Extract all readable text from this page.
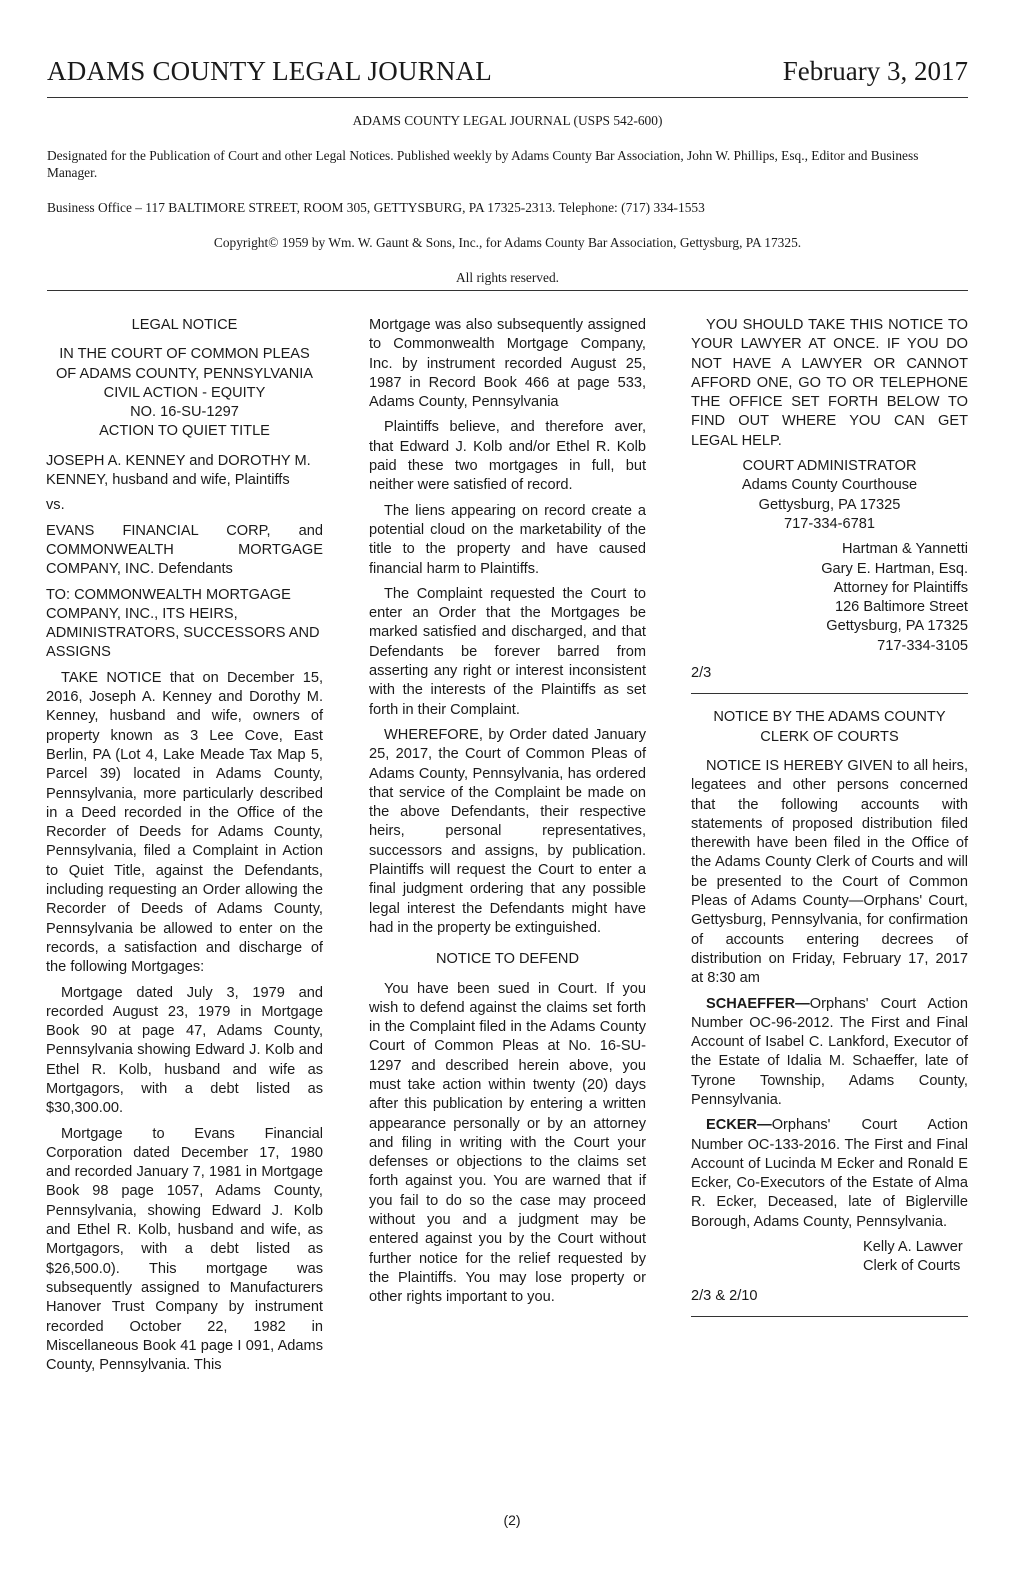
ADAMS COUNTY LEGAL JOURNAL	February 3, 2017

ADAMS COUNTY LEGAL JOURNAL (USPS 542-600)

Designated for the Publication of Court and other Legal Notices. Published weekly by Adams County Bar Association, John W. Phillips, Esq., Editor and Business Manager.

Business Office – 117 BALTIMORE STREET, ROOM 305, GETTYSBURG, PA 17325-2313. Telephone: (717) 334-1553

Copyright© 1959 by Wm. W. Gaunt & Sons, Inc., for Adams County Bar Association, Gettysburg, PA 17325.

All rights reserved.

LEGAL NOTICE

IN THE COURT OF COMMON PLEAS
OF ADAMS COUNTY, PENNSYLVANIA
CIVIL ACTION - EQUITY
NO. 16-SU-1297
ACTION TO QUIET TITLE

JOSEPH A. KENNEY and DOROTHY M. KENNEY, husband and wife, Plaintiffs

vs.

EVANS FINANCIAL CORP, and COMMONWEALTH MORTGAGE COMPANY, INC. Defendants

TO: COMMONWEALTH MORTGAGE COMPANY, INC., ITS HEIRS, ADMINISTRATORS, SUCCESSORS AND ASSIGNS

TAKE NOTICE that on December 15, 2016, Joseph A. Kenney and Dorothy M. Kenney, husband and wife, owners of property known as 3 Lee Cove, East Berlin, PA (Lot 4, Lake Meade Tax Map 5, Parcel 39) located in Adams County, Pennsylvania, more particularly described in a Deed recorded in the Office of the Recorder of Deeds for Adams County, Pennsylvania, filed a Complaint in Action to Quiet Title, against the Defendants, including requesting an Order allowing the Recorder of Deeds of Adams County, Pennsylvania be allowed to enter on the records, a satisfaction and discharge of the following Mortgages:

Mortgage dated July 3, 1979 and recorded August 23, 1979 in Mortgage Book 90 at page 47, Adams County, Pennsylvania showing Edward J. Kolb and Ethel R. Kolb, husband and wife as Mortgagors, with a debt listed as $30,300.00.

Mortgage to Evans Financial Corporation dated December 17, 1980 and recorded January 7, 1981 in Mortgage Book 98 page 1057, Adams County, Pennsylvania, showing Edward J. Kolb and Ethel R. Kolb, husband and wife, as Mortgagors, with a debt listed as $26,500.0). This mortgage was subsequently assigned to Manufacturers Hanover Trust Company by instrument recorded October 22, 1982 in Miscellaneous Book 41 page I 091, Adams County, Pennsylvania. This

Mortgage was also subsequently assigned to Commonwealth Mortgage Company, Inc. by instrument recorded August 25, 1987 in Record Book 466 at page 533, Adams County, Pennsylvania

Plaintiffs believe, and therefore aver, that Edward J. Kolb and/or Ethel R. Kolb paid these two mortgages in full, but neither were satisfied of record.

The liens appearing on record create a potential cloud on the marketability of the title to the property and have caused financial harm to Plaintiffs.

The Complaint requested the Court to enter an Order that the Mortgages be marked satisfied and discharged, and that Defendants be forever barred from asserting any right or interest inconsistent with the interests of the Plaintiffs as set forth in their Complaint.

WHEREFORE, by Order dated January 25, 2017, the Court of Common Pleas of Adams County, Pennsylvania, has ordered that service of the Complaint be made on the above Defendants, their respective heirs, personal representatives, successors and assigns, by publication. Plaintiffs will request the Court to enter a final judgment ordering that any possible legal interest the Defendants might have had in the property be extinguished.

NOTICE TO DEFEND

You have been sued in Court. If you wish to defend against the claims set forth in the Complaint filed in the Adams County Court of Common Pleas at No. 16-SU-1297 and described herein above, you must take action within twenty (20) days after this publication by entering a written appearance personally or by an attorney and filing in writing with the Court your defenses or objections to the claims set forth against you. You are warned that if you fail to do so the case may proceed without you and a judgment may be entered against you by the Court without further notice for the relief requested by the Plaintiffs. You may lose property or other rights important to you.

YOU SHOULD TAKE THIS NOTICE TO YOUR LAWYER AT ONCE. IF YOU DO NOT HAVE A LAWYER OR CANNOT AFFORD ONE, GO TO OR TELEPHONE THE OFFICE SET FORTH BELOW TO FIND OUT WHERE YOU CAN GET LEGAL HELP.

COURT ADMINISTRATOR
Adams County Courthouse
Gettysburg, PA 17325
717-334-6781
Hartman & Yannetti
Gary E. Hartman, Esq.
Attorney for Plaintiffs
126 Baltimore Street
Gettysburg, PA 17325
717-334-3105

2/3

NOTICE BY THE ADAMS COUNTY
CLERK OF COURTS

NOTICE IS HEREBY GIVEN to all heirs, legatees and other persons concerned that the following accounts with statements of proposed distribution filed therewith have been filed in the Office of the Adams County Clerk of Courts and will be presented to the Court of Common Pleas of Adams County—Orphans' Court, Gettysburg, Pennsylvania, for confirmation of accounts entering decrees of distribution on Friday, February 17, 2017 at 8:30 am

SCHAEFFER—Orphans' Court Action Number OC-96-2012. The First and Final Account of Isabel C. Lankford, Executor of the Estate of Idalia M. Schaeffer, late of Tyrone Township, Adams County, Pennsylvania.

ECKER—Orphans' Court Action Number OC-133-2016. The First and Final Account of Lucinda M Ecker and Ronald E Ecker, Co-Executors of the Estate of Alma R. Ecker, Deceased, late of Biglerville Borough, Adams County, Pennsylvania.

Kelly A. Lawver
Clerk of Courts

2/3 & 2/10

(2)
